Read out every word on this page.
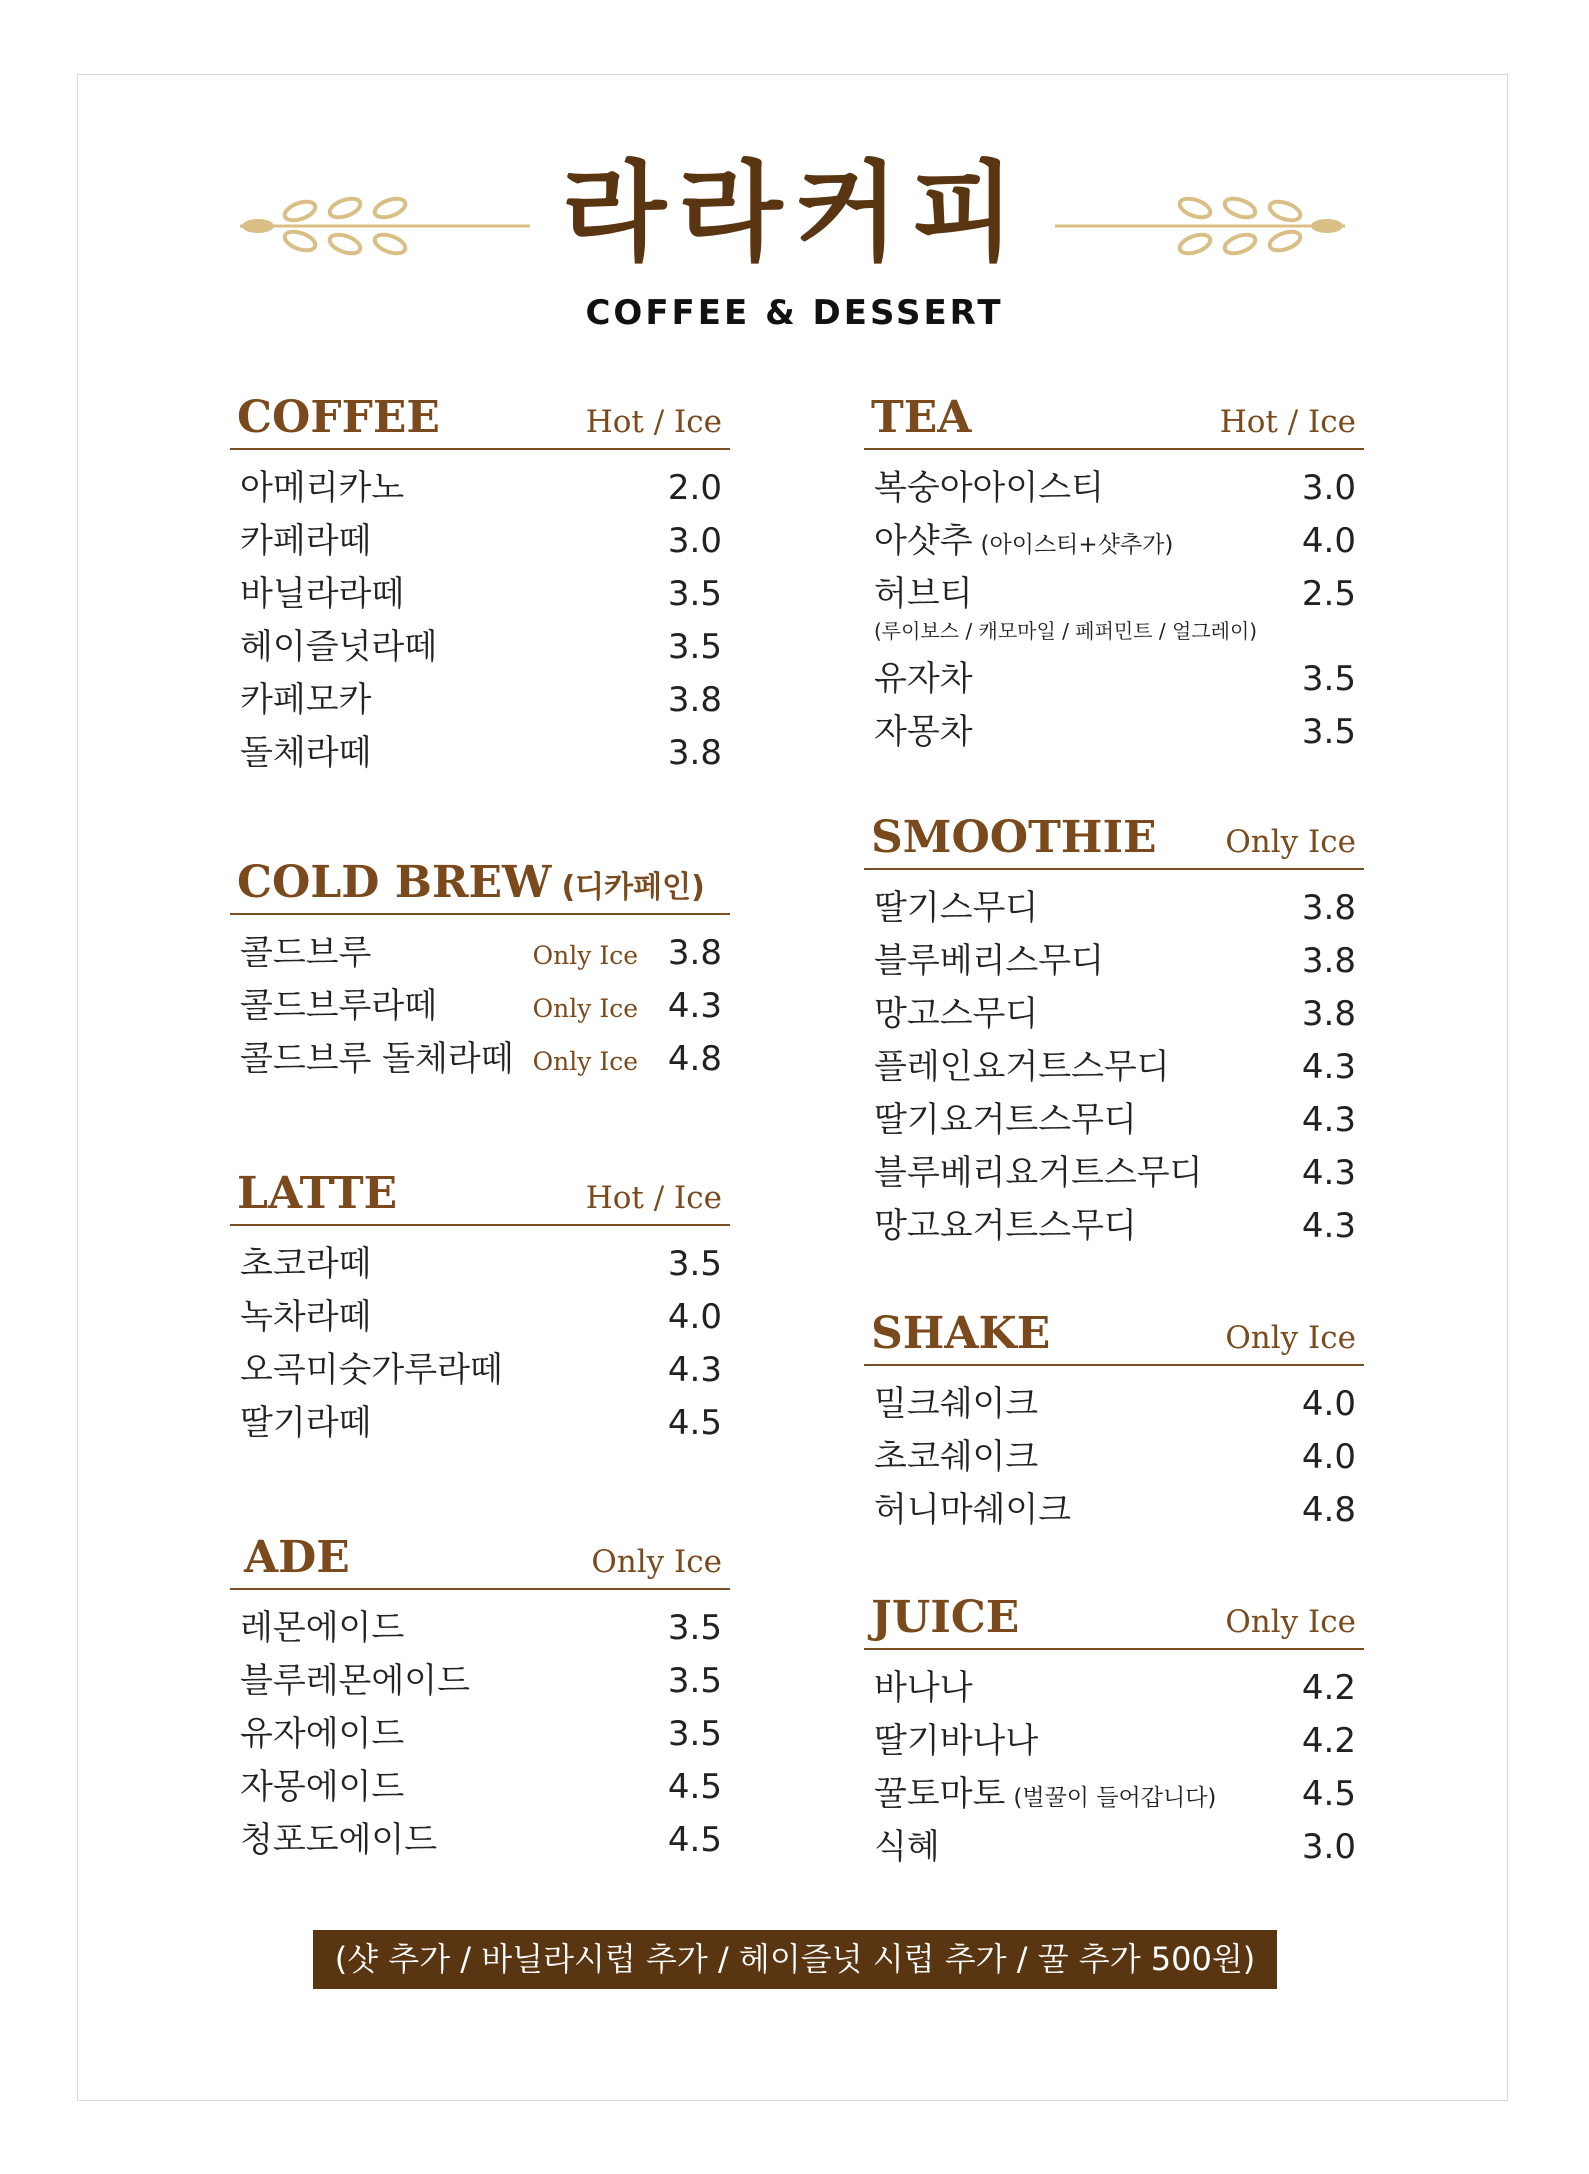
라라커피
COFFEE & DESSERT
COFFEE	Hot / Ice
아메리카노	2.0
카페라떼	3.0
바닐라라떼	3.5
헤이즐넛라떼	3.5
카페모카	3.8
돌체라떼	3.8
COLD BREW (디카페인)
콜드브루	Only Ice 3.8
콜드브루라떼	Only Ice 4.3
콜드브루 돌체라떼 Only Ice 4.8
LATTE	Hot / Ice
초코라떼	3.5
녹차라떼	4.0
오곡미숫가루라떼	4.3
딸기라떼	4.5
ADE	Only Ice
레몬에이드	3.5
블루레몬에이드	3.5
유자에이드	3.5
자몽에이드	4.5
청포도에이드	4.5
TEA	Hot / Ice
복숭아아이스티	3.0
아샷추 (아이스티+샷추가)	4.0
허브티	2.5
(루이보스 / 캐모마일 / 페퍼민트 / 얼그레이)
유자차	3.5
자몽차	3.5
SMOOTHIE Only Ice
딸기스무디	3.8
블루베리스무디	3.8
망고스무디	3.8
플레인요거트스무디	4.3
딸기요거트스무디	4.3
블루베리요거트스무디	4.3
망고요거트스무디	4.3
SHAKE	Only Ice
밀크쉐이크	4.0
초코쉐이크	4.0
허니마쉐이크	4.8
JUICE	Only Ice
바나나	4.2
딸기바나나	4.2
꿀토마토 (벌꿀이 들어갑니다)	4.5
식혜	3.0
(샷 추가 / 바닐라시럽 추가 / 헤이즐넛 시럽 추가 / 꿀 추가 500원)
